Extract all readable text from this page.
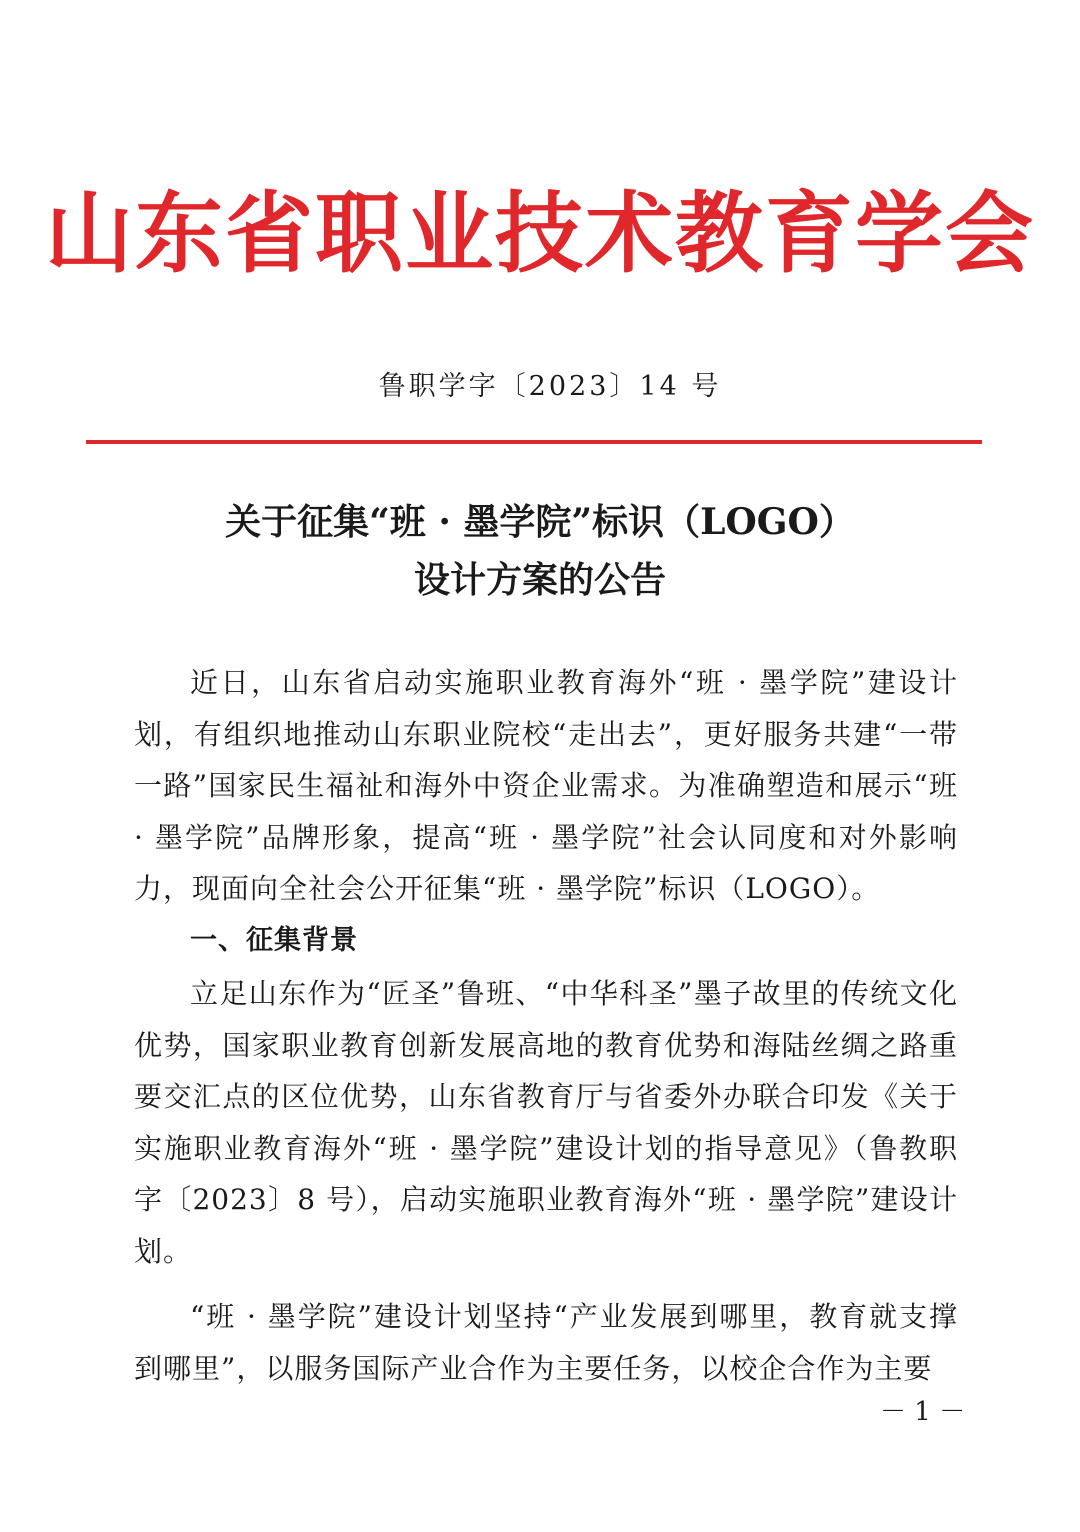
山东省职业技术教育学会
鲁职学字〔2023〕14 号
关于征集“班 · 墨学院”标识（LOGO）
设计方案的公告

近日，山东省启动实施职业教育海外“班 · 墨学院”建设计划，有组织地推动山东职业院校“走出去”，更好服务共建“一带一路”国家民生福祉和海外中资企业需求。为准确塑造和展示“班 · 墨学院”品牌形象，提高“班 · 墨学院”社会认同度和对外影响力，现面向全社会公开征集“班 · 墨学院”标识（LOGO）。

一、征集背景

立足山东作为“匠圣”鲁班、“中华科圣”墨子故里的传统文化优势，国家职业教育创新发展高地的教育优势和海陆丝绸之路重要交汇点的区位优势，山东省教育厅与省委外办联合印发《关于实施职业教育海外“班 · 墨学院”建设计划的指导意见》（鲁教职字〔2023〕8 号），启动实施职业教育海外“班 · 墨学院”建设计划。

“班 · 墨学院”建设计划坚持“产业发展到哪里，教育就支撑到哪里”，以服务国际产业合作为主要任务，以校企合作为主要

－ 1 －
